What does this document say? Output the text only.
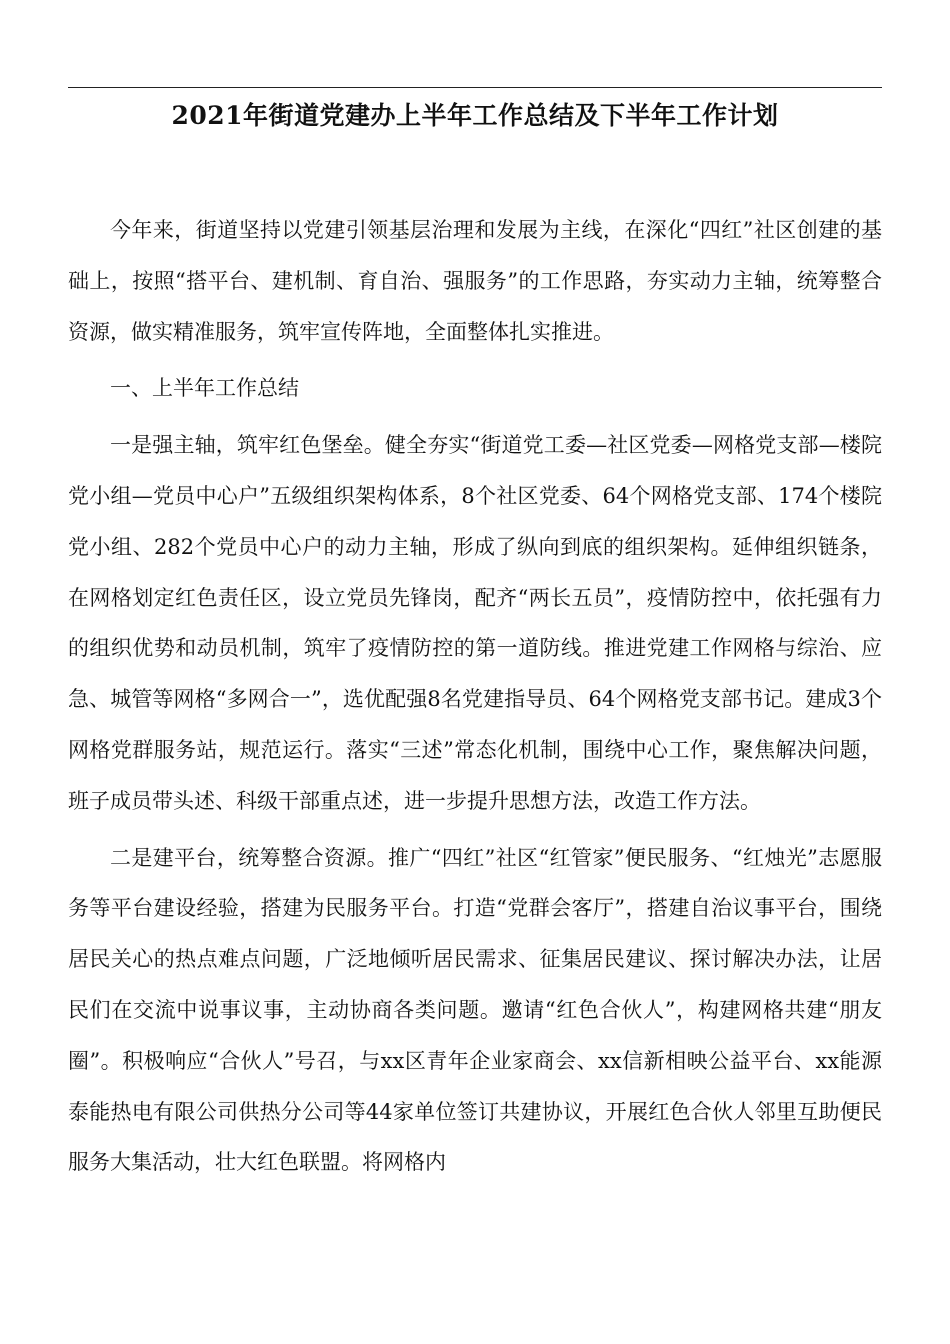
2021年街道党建办上半年工作总结及下半年工作计划

今年来，街道坚持以党建引领基层治理和发展为主线，在深化“四红”社区创建的基础上，按照“搭平台、建机制、育自治、强服务”的工作思路，夯实动力主轴，统筹整合资源，做实精准服务，筑牢宣传阵地，全面整体扎实推进。

一、上半年工作总结

一是强主轴，筑牢红色堡垒。健全夯实“街道党工委—社区党委—网格党支部—楼院党小组—党员中心户”五级组织架构体系，8个社区党委、64个网格党支部、174个楼院党小组、282个党员中心户的动力主轴，形成了纵向到底的组织架构。延伸组织链条，在网格划定红色责任区，设立党员先锋岗，配齐“两长五员”，疫情防控中，依托强有力的组织优势和动员机制，筑牢了疫情防控的第一道防线。推进党建工作网格与综治、应急、城管等网格“多网合一”，选优配强8名党建指导员、64个网格党支部书记。建成3个网格党群服务站，规范运行。落实“三述”常态化机制，围绕中心工作，聚焦解决问题，班子成员带头述、科级干部重点述，进一步提升思想方法，改造工作方法。

二是建平台，统筹整合资源。推广“四红”社区“红管家”便民服务、“红烛光”志愿服务等平台建设经验，搭建为民服务平台。打造“党群会客厅”，搭建自治议事平台，围绕居民关心的热点难点问题，广泛地倾听居民需求、征集居民建议、探讨解决办法，让居民们在交流中说事议事，主动协商各类问题。邀请“红色合伙人”，构建网格共建“朋友圈”。积极响应“合伙人”号召，与xx区青年企业家商会、xx信新相映公益平台、xx能源泰能热电有限公司供热分公司等44家单位签订共建协议，开展红色合伙人邻里互助便民服务大集活动，壮大红色联盟。将网格内
